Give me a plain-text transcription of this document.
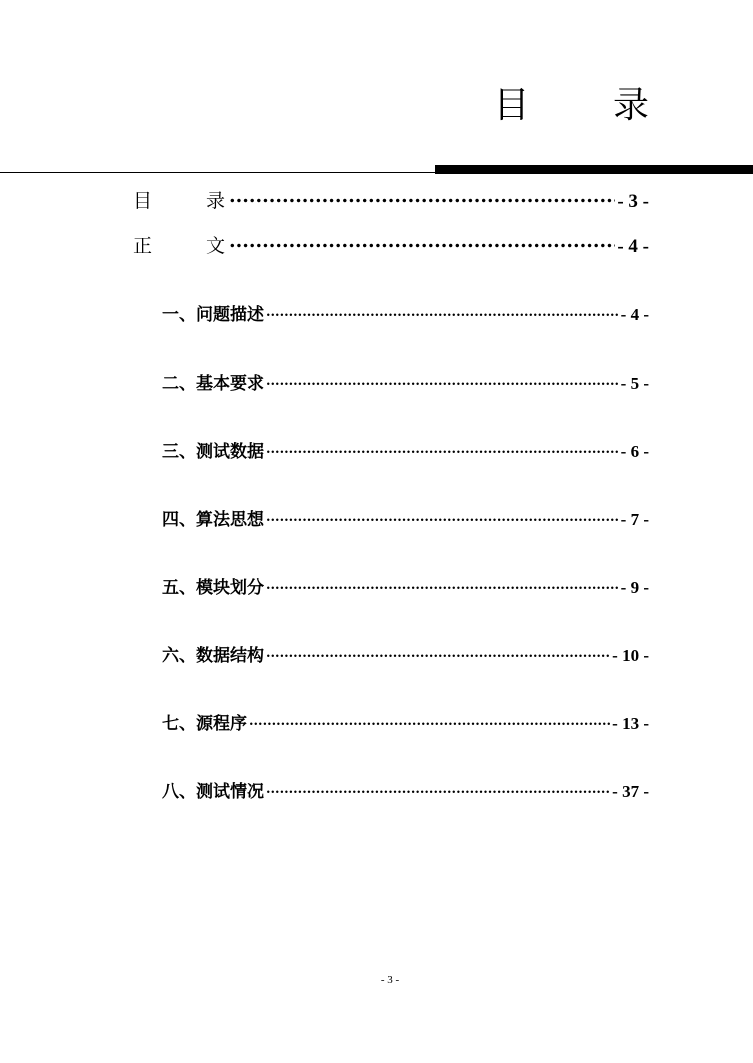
目 录
目 录 .....	- 3 -
正 文 .....	- 4 -
一、问题描述 .....	- 4 -
二、基本要求 .....	- 5 -
三、测试数据 .....	- 6 -
四、算法思想 .....	- 7 -
五、模块划分 .....	- 9 -
六、数据结构 .....	- 10 -
七、源程序 .....	- 13 -
八、测试情况 .....	- 37 -
- 3 -
